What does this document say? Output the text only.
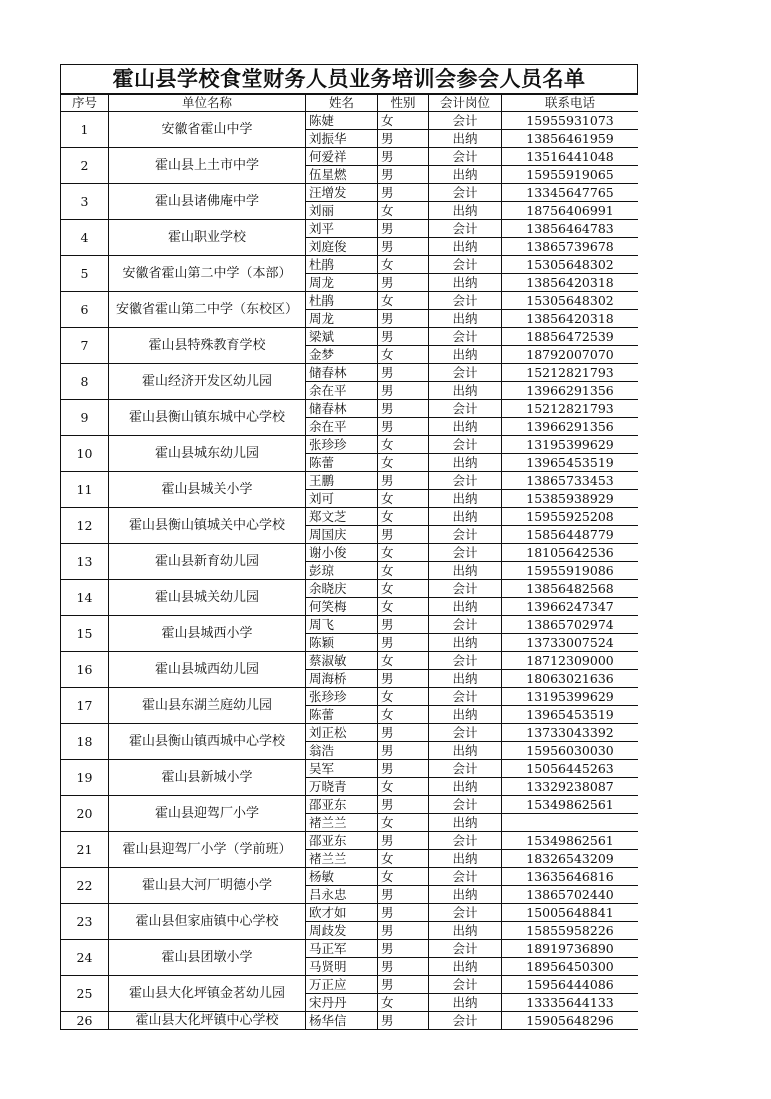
霍山县学校食堂财务人员业务培训会参会人员名单
序号	单位名称	姓名	性别	会计岗位	联系电话
1	安徽省霍山中学	陈婕	女	会计	15955931073
		刘振华	男	出纳	13856461959
2	霍山县上土市中学	何爱祥	男	会计	13516441048
		伍星燃	男	出纳	15955919065
3	霍山县诸佛庵中学	汪增发	男	会计	13345647765
		刘丽	女	出纳	18756406991
4	霍山职业学校	刘平	男	会计	13856464783
		刘庭俊	男	出纳	13865739678
5	安徽省霍山第二中学（本部）	杜鹃	女	会计	15305648302
		周龙	男	出纳	13856420318
6	安徽省霍山第二中学（东校区）	杜鹃	女	会计	15305648302
		周龙	男	出纳	13856420318
7	霍山县特殊教育学校	梁斌	男	会计	18856472539
		金梦	女	出纳	18792007070
8	霍山经济开发区幼儿园	储春林	男	会计	15212821793
		余在平	男	出纳	13966291356
9	霍山县衡山镇东城中心学校	储春林	男	会计	15212821793
		余在平	男	出纳	13966291356
10	霍山县城东幼儿园	张珍珍	女	会计	13195399629
		陈蕾	女	出纳	13965453519
11	霍山县城关小学	王鹏	男	会计	13865733453
		刘可	女	出纳	15385938929
12	霍山县衡山镇城关中心学校	郑文芝	女	出纳	15955925208
		周国庆	男	会计	15856448779
13	霍山县新育幼儿园	谢小俊	女	会计	18105642536
		彭琼	女	出纳	15955919086
14	霍山县城关幼儿园	余晓庆	女	会计	13856482568
		何笑梅	女	出纳	13966247347
15	霍山县城西小学	周飞	男	会计	13865702974
		陈颖	男	出纳	13733007524
16	霍山县城西幼儿园	蔡淑敏	女	会计	18712309000
		周海桥	男	出纳	18063021636
17	霍山县东湖兰庭幼儿园	张珍珍	女	会计	13195399629
		陈蕾	女	出纳	13965453519
18	霍山县衡山镇西城中心学校	刘正松	男	会计	13733043392
		翁浩	男	出纳	15956030030
19	霍山县新城小学	吴军	男	会计	15056445263
		万晓青	女	出纳	13329238087
20	霍山县迎驾厂小学	邵亚东	男	会计	15349862561
		褚兰兰	女	出纳	
21	霍山县迎驾厂小学（学前班）	邵亚东	男	会计	15349862561
		褚兰兰	女	出纳	18326543209
22	霍山县大河厂明德小学	杨敏	女	会计	13635646816
		吕永忠	男	出纳	13865702440
23	霍山县但家庙镇中心学校	欧才如	男	会计	15005648841
		周歧发	男	出纳	15855958226
24	霍山县团墩小学	马正军	男	会计	18919736890
		马贤明	男	出纳	18956450300
25	霍山县大化坪镇金茗幼儿园	万正应	男	会计	15956444086
		宋丹丹	女	出纳	13335644133
26	霍山县大化坪镇中心学校	杨华信	男	会计	15905648296
